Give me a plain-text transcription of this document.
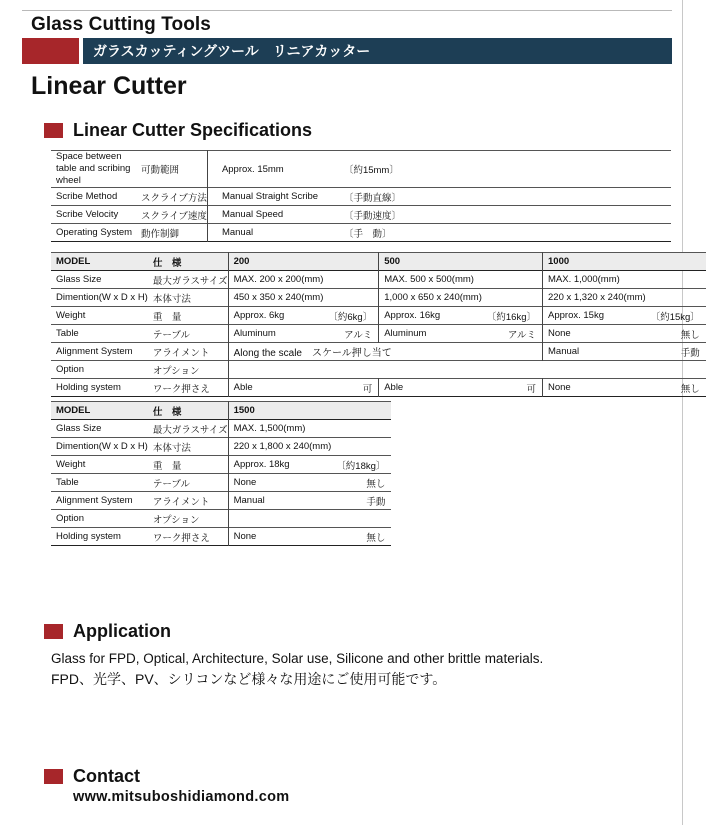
Glass Cutting Tools
ガラスカッティングツール　リニアカッター
Linear Cutter
Linear Cutter Specifications
Space between table and scribing wheel	可動範囲	Approx. 15mm	〔約15mm〕
Scribe Method	スクライブ方法	Manual Straight Scribe	〔手動直線〕
Scribe Velocity	スクライブ速度	Manual Speed	〔手動速度〕
Operating System	動作制御	Manual	〔手　動〕
MODEL	仕　様	200		500		1000	
Glass Size	最大ガラスサイズ	MAX. 200 x 200(mm)		MAX. 500 x 500(mm)		MAX. 1,000(mm)	
Dimention(W x D x H)	本体寸法	450 x 350 x 240(mm)		1,000 x 650 x 240(mm)		220 x 1,320 x 240(mm)	
Weight	重　量	Approx. 6kg	〔約6kg〕	Approx. 16kg	〔約16kg〕	Approx. 15kg	〔約15kg〕
Table	テーブル	Aluminum	アルミ	Aluminum	アルミ	None	無し
Alignment System	アライメント	Along the scale　スケール押し当て				Manual	手動
Option	オプション						
Holding system	ワーク押さえ	Able	可	Able	可	None	無し
MODEL	仕　様	1500	
Glass Size	最大ガラスサイズ	MAX. 1,500(mm)	
Dimention(W x D x H)	本体寸法	220 x 1,800 x 240(mm)	
Weight	重　量	Approx. 18kg	〔約18kg〕
Table	テーブル	None	無し
Alignment System	アライメント	Manual	手動
Option	オプション		
Holding system	ワーク押さえ	None	無し
Application
Glass for FPD, Optical, Architecture, Solar use, Silicone and other brittle materials.
FPD、光学、PV、シリコンなど様々な用途にご使用可能です。
Contact
www.mitsuboshidiamond.com
